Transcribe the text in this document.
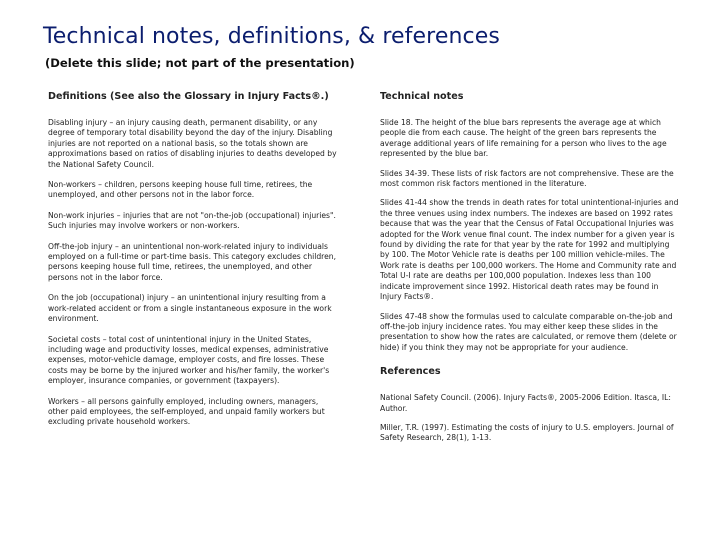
Technical notes, definitions, & references
(Delete this slide; not part of the presentation)
Definitions (See also the Glossary in Injury Facts®.)
Disabling injury – an injury causing death, permanent disability, or any degree of temporary total disability beyond the day of the injury. Disabling injuries are not reported on a national basis, so the totals shown are approximations based on ratios of disabling injuries to deaths developed by the National Safety Council.
Non-workers – children, persons keeping house full time, retirees, the unemployed, and other persons not in the labor force.
Non-work injuries – injuries that are not "on-the-job (occupational) injuries". Such injuries may involve workers or non-workers.
Off-the-job injury – an unintentional non-work-related injury to individuals employed on a full-time or part-time basis. This category excludes children, persons keeping house full time, retirees, the unemployed, and other persons not in the labor force.
On the job (occupational) injury – an unintentional injury resulting from a work-related accident or from a single instantaneous exposure in the work environment.
Societal costs – total cost of unintentional injury in the United States, including wage and productivity losses, medical expenses, administrative expenses, motor-vehicle damage, employer costs, and fire losses. These costs may be borne by the injured worker and his/her family, the worker's employer, insurance companies, or government (taxpayers).
Workers – all persons gainfully employed, including owners, managers, other paid employees, the self-employed, and unpaid family workers but excluding private household workers.
Technical notes
Slide 18. The height of the blue bars represents the average age at which people die from each cause. The height of the green bars represents the average additional years of life remaining for a person who lives to the age represented by the blue bar.
Slides 34-39. These lists of risk factors are not comprehensive. These are the most common risk factors mentioned in the literature.
Slides 41-44 show the trends in death rates for total unintentional-injuries and the three venues using index numbers. The indexes are based on 1992 rates because that was the year that the Census of Fatal Occupational Injuries was adopted for the Work venue final count. The index number for a given year is found by dividing the rate for that year by the rate for 1992 and multiplying by 100. The Motor Vehicle rate is deaths per 100 million vehicle-miles. The Work rate is deaths per 100,000 workers. The Home and Community rate and Total U-I rate are deaths per 100,000 population. Indexes less than 100 indicate improvement since 1992. Historical death rates may be found in Injury Facts®.
Slides 47-48 show the formulas used to calculate comparable on-the-job and off-the-job injury incidence rates. You may either keep these slides in the presentation to show how the rates are calculated, or remove them (delete or hide) if you think they may not be appropriate for your audience.
References
National Safety Council. (2006). Injury Facts®, 2005-2006 Edition. Itasca, IL: Author.
Miller, T.R. (1997). Estimating the costs of injury to U.S. employers. Journal of Safety Research, 28(1), 1-13.
